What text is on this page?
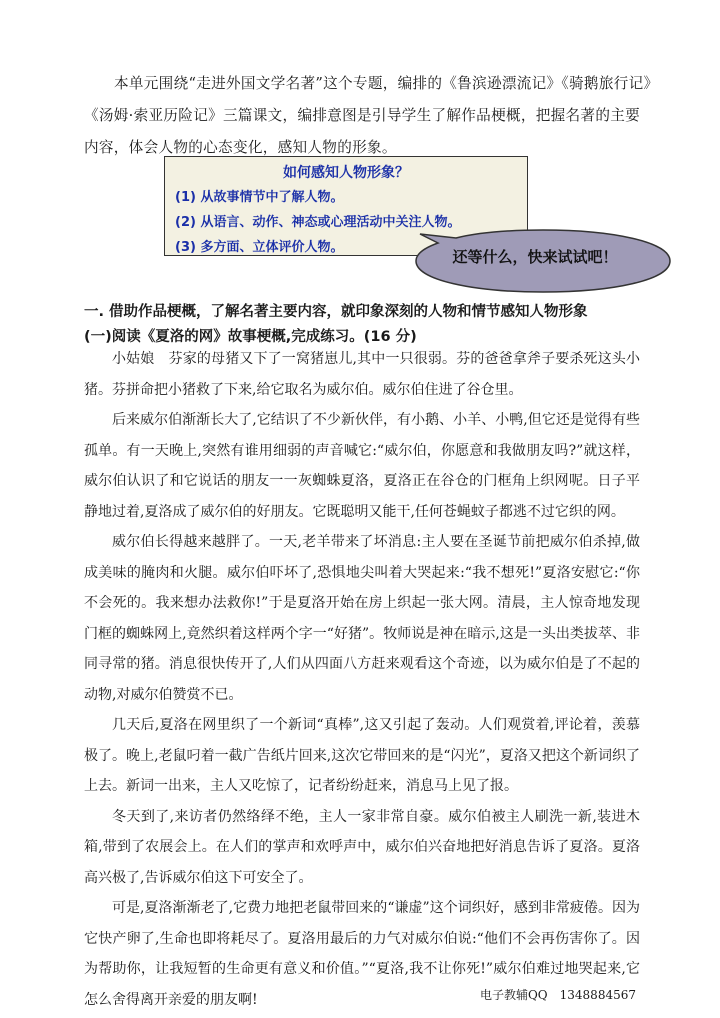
本单元围绕“走进外国文学名著”这个专题，编排的《鲁滨逊漂流记》《骑鹅旅行记》《汤姆·索亚历险记》三篇课文，编排意图是引导学生了解作品梗概，把握名著的主要内容，体会人物的心态变化，感知人物的形象。

如何感知人物形象？
(1) 从故事情节中了解人物。
(2) 从语言、动作、神态或心理活动中关注人物。
(3) 多方面、立体评价人物。
还等什么，快来试试吧！

一. 借助作品梗概，了解名著主要内容，就印象深刻的人物和情节感知人物形象

(一)阅读《夏洛的网》故事梗概,完成练习。(16 分)

小姑娘　芬家的母猪又下了一窝猪崽儿,其中一只很弱。芬的爸爸拿斧子要杀死这头小猪。芬拼命把小猪救了下来,给它取名为威尔伯。威尔伯住进了谷仓里。

后来威尔伯渐渐长大了,它结识了不少新伙伴，有小鹅、小羊、小鸭,但它还是觉得有些孤单。有一天晚上,突然有谁用细弱的声音喊它:“威尔伯，你愿意和我做朋友吗?”就这样，威尔伯认识了和它说话的朋友一一灰蜘蛛夏洛，夏洛正在谷仓的门框角上织网呢。日子平静地过着,夏洛成了威尔伯的好朋友。它既聪明又能干,任何苍蝇蚊子都逃不过它织的网。

威尔伯长得越来越胖了。一天,老羊带来了坏消息:主人要在圣诞节前把威尔伯杀掉,做成美味的腌肉和火腿。威尔伯吓坏了,恐惧地尖叫着大哭起来:“我不想死!”夏洛安慰它:“你不会死的。我来想办法救你!”于是夏洛开始在房上织起一张大网。清晨，主人惊奇地发现门框的蜘蛛网上,竟然织着这样两个字一“好猪”。牧师说是神在暗示,这是一头出类拔萃、非同寻常的猪。消息很快传开了,人们从四面八方赶来观看这个奇迹，以为威尔伯是了不起的动物,对威尔伯赞赏不已。

几天后,夏洛在网里织了一个新词“真棒”,这又引起了轰动。人们观赏着,评论着，羡慕极了。晚上,老鼠叼着一截广告纸片回来,这次它带回来的是“闪光”，夏洛又把这个新词织了上去。新词一出来，主人又吃惊了，记者纷纷赶来，消息马上见了报。

冬天到了,来访者仍然络绎不绝，主人一家非常自豪。威尔伯被主人刷洗一新,装进木箱,带到了农展会上。在人们的掌声和欢呼声中，威尔伯兴奋地把好消息告诉了夏洛。夏洛高兴极了,告诉威尔伯这下可安全了。

可是,夏洛渐渐老了,它费力地把老鼠带回来的“谦虚”这个词织好，感到非常疲倦。因为它快产卵了,生命也即将耗尽了。夏洛用最后的力气对威尔伯说:“他们不会再伤害你了。因为帮助你，让我短暂的生命更有意义和价值。”“夏洛,我不让你死!”威尔伯难过地哭起来,它怎么舍得离开亲爱的朋友啊!	电子教辅QQ　1348884567
